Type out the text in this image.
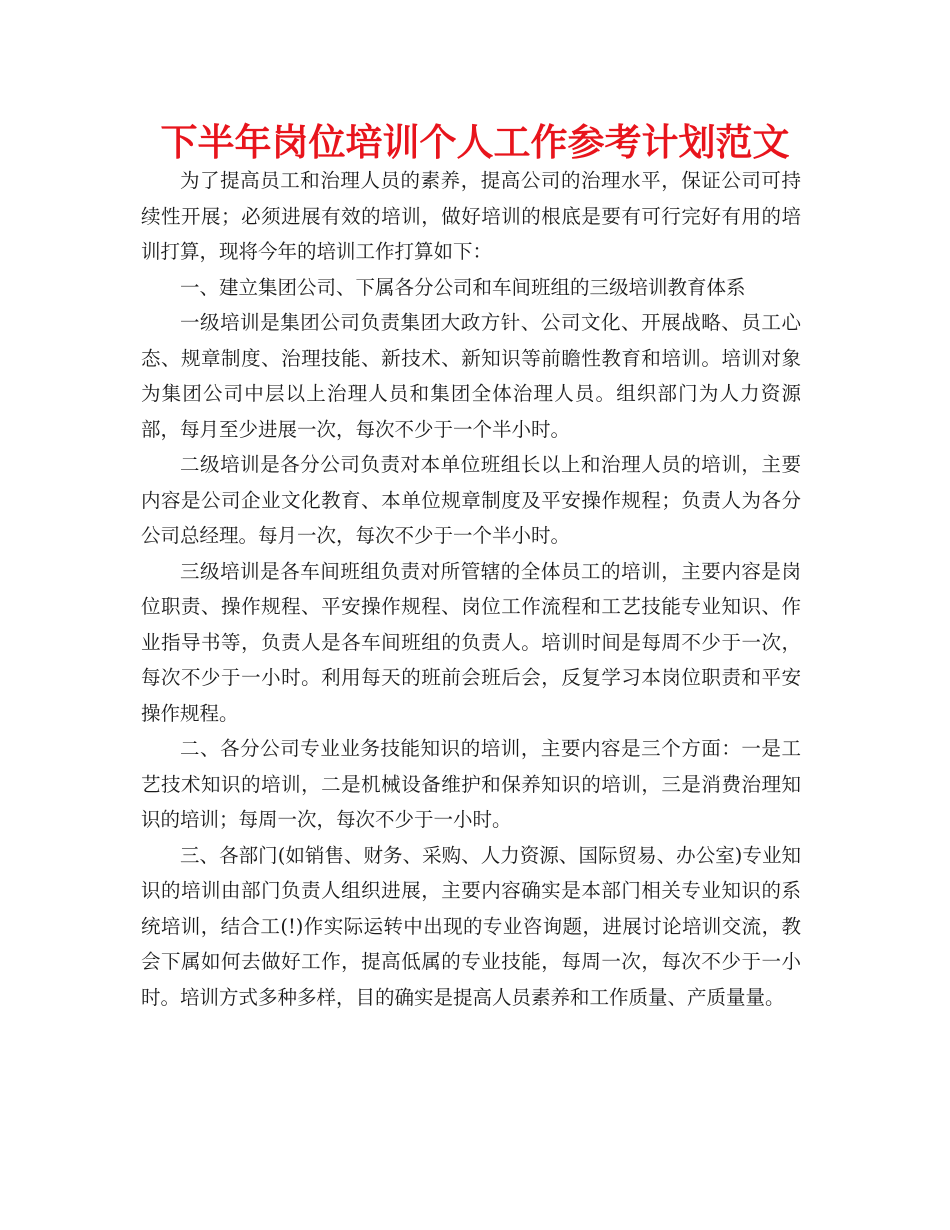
下半年岗位培训个人工作参考计划范文

为了提高员工和治理人员的素养，提高公司的治理水平，保证公司可持续性开展；必须进展有效的培训，做好培训的根底是要有可行完好有用的培训打算，现将今年的培训工作打算如下：

一、建立集团公司、下属各分公司和车间班组的三级培训教育体系

一级培训是集团公司负责集团大政方针、公司文化、开展战略、员工心态、规章制度、治理技能、新技术、新知识等前瞻性教育和培训。培训对象为集团公司中层以上治理人员和集团全体治理人员。组织部门为人力资源部，每月至少进展一次，每次不少于一个半小时。

二级培训是各分公司负责对本单位班组长以上和治理人员的培训，主要内容是公司企业文化教育、本单位规章制度及平安操作规程；负责人为各分公司总经理。每月一次，每次不少于一个半小时。

三级培训是各车间班组负责对所管辖的全体员工的培训，主要内容是岗位职责、操作规程、平安操作规程、岗位工作流程和工艺技能专业知识、作业指导书等，负责人是各车间班组的负责人。培训时间是每周不少于一次，每次不少于一小时。利用每天的班前会班后会，反复学习本岗位职责和平安操作规程。

二、各分公司专业业务技能知识的培训，主要内容是三个方面：一是工艺技术知识的培训，二是机械设备维护和保养知识的培训，三是消费治理知识的培训；每周一次，每次不少于一小时。

三、各部门(如销售、财务、采购、人力资源、国际贸易、办公室)专业知识的培训由部门负责人组织进展，主要内容确实是本部门相关专业知识的系统培训，结合工(!)作实际运转中出现的专业咨询题，进展讨论培训交流，教会下属如何去做好工作，提高低属的专业技能，每周一次，每次不少于一小时。培训方式多种多样，目的确实是提高人员素养和工作质量、产质量量。
